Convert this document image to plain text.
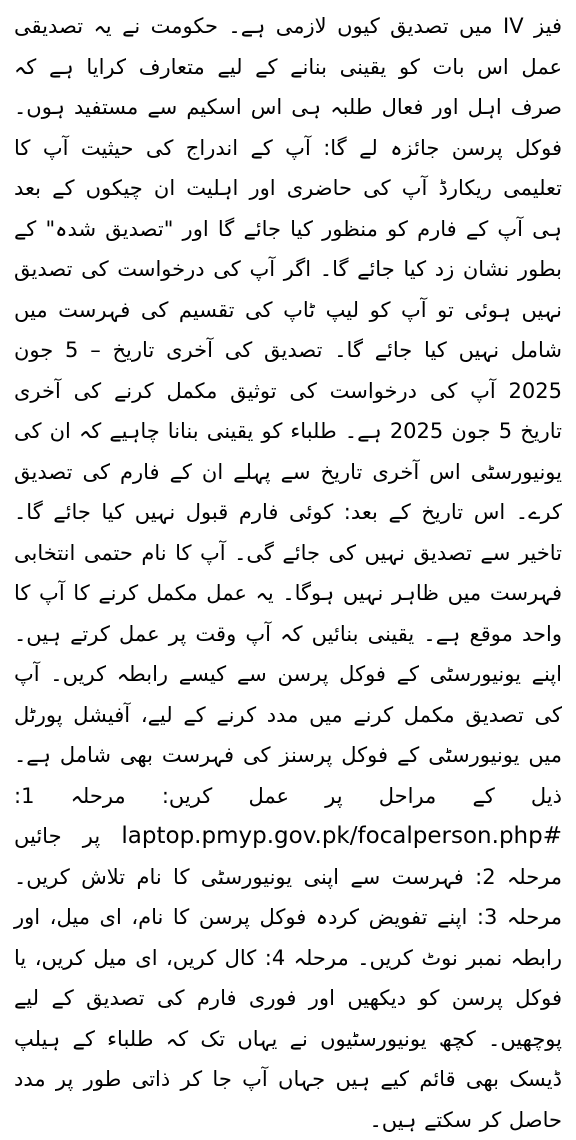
فیز IV میں تصدیق کیوں لازمی ہے۔ حکومت نے یہ تصدیقی عمل اس بات کو یقینی بنانے کے لیے متعارف کرایا ہے کہ صرف اہل اور فعال طلبہ ہی اس اسکیم سے مستفید ہوں۔ فوکل پرسن جائزہ لے گا: آپ کے اندراج کی حیثیت آپ کا تعلیمی ریکارڈ آپ کی حاضری اور اہلیت ان چیکوں کے بعد ہی آپ کے فارم کو منظور کیا جائے گا اور "تصدیق شدہ" کے بطور نشان زد کیا جائے گا۔ اگر آپ کی درخواست کی تصدیق نہیں ہوئی تو آپ کو لیپ ٹاپ کی تقسیم کی فہرست میں شامل نہیں کیا جائے گا۔ تصدیق کی آخری تاریخ – 5 جون 2025 آپ کی درخواست کی توثیق مکمل کرنے کی آخری تاریخ 5 جون 2025 ہے۔ طلباء کو یقینی بنانا چاہیے کہ ان کی یونیورسٹی اس آخری تاریخ سے پہلے ان کے فارم کی تصدیق کرے۔ اس تاریخ کے بعد: کوئی فارم قبول نہیں کیا جائے گا۔ تاخیر سے تصدیق نہیں کی جائے گی۔ آپ کا نام حتمی انتخابی فہرست میں ظاہر نہیں ہوگا۔ یہ عمل مکمل کرنے کا آپ کا واحد موقع ہے۔ یقینی بنائیں کہ آپ وقت پر عمل کرتے ہیں۔ اپنے یونیورسٹی کے فوکل پرسن سے کیسے رابطہ کریں۔ آپ کی تصدیق مکمل کرنے میں مدد کرنے کے لیے، آفیشل پورٹل میں یونیورسٹی کے فوکل پرسنز کی فہرست بھی شامل ہے۔ ذیل کے مراحل پر عمل کریں: مرحلہ 1: laptop.pmyp.gov.pk/focalperson.php# پر جائیں مرحلہ 2: فہرست سے اپنی یونیورسٹی کا نام تلاش کریں۔ مرحلہ 3: اپنے تفویض کردہ فوکل پرسن کا نام، ای میل، اور رابطہ نمبر نوٹ کریں۔ مرحلہ 4: کال کریں، ای میل کریں، یا فوکل پرسن کو دیکھیں اور فوری فارم کی تصدیق کے لیے پوچھیں۔ کچھ یونیورسٹیوں نے یہاں تک کہ طلباء کے ہیلپ ڈیسک بھی قائم کیے ہیں جہاں آپ جا کر ذاتی طور پر مدد حاصل کر سکتے ہیں۔
